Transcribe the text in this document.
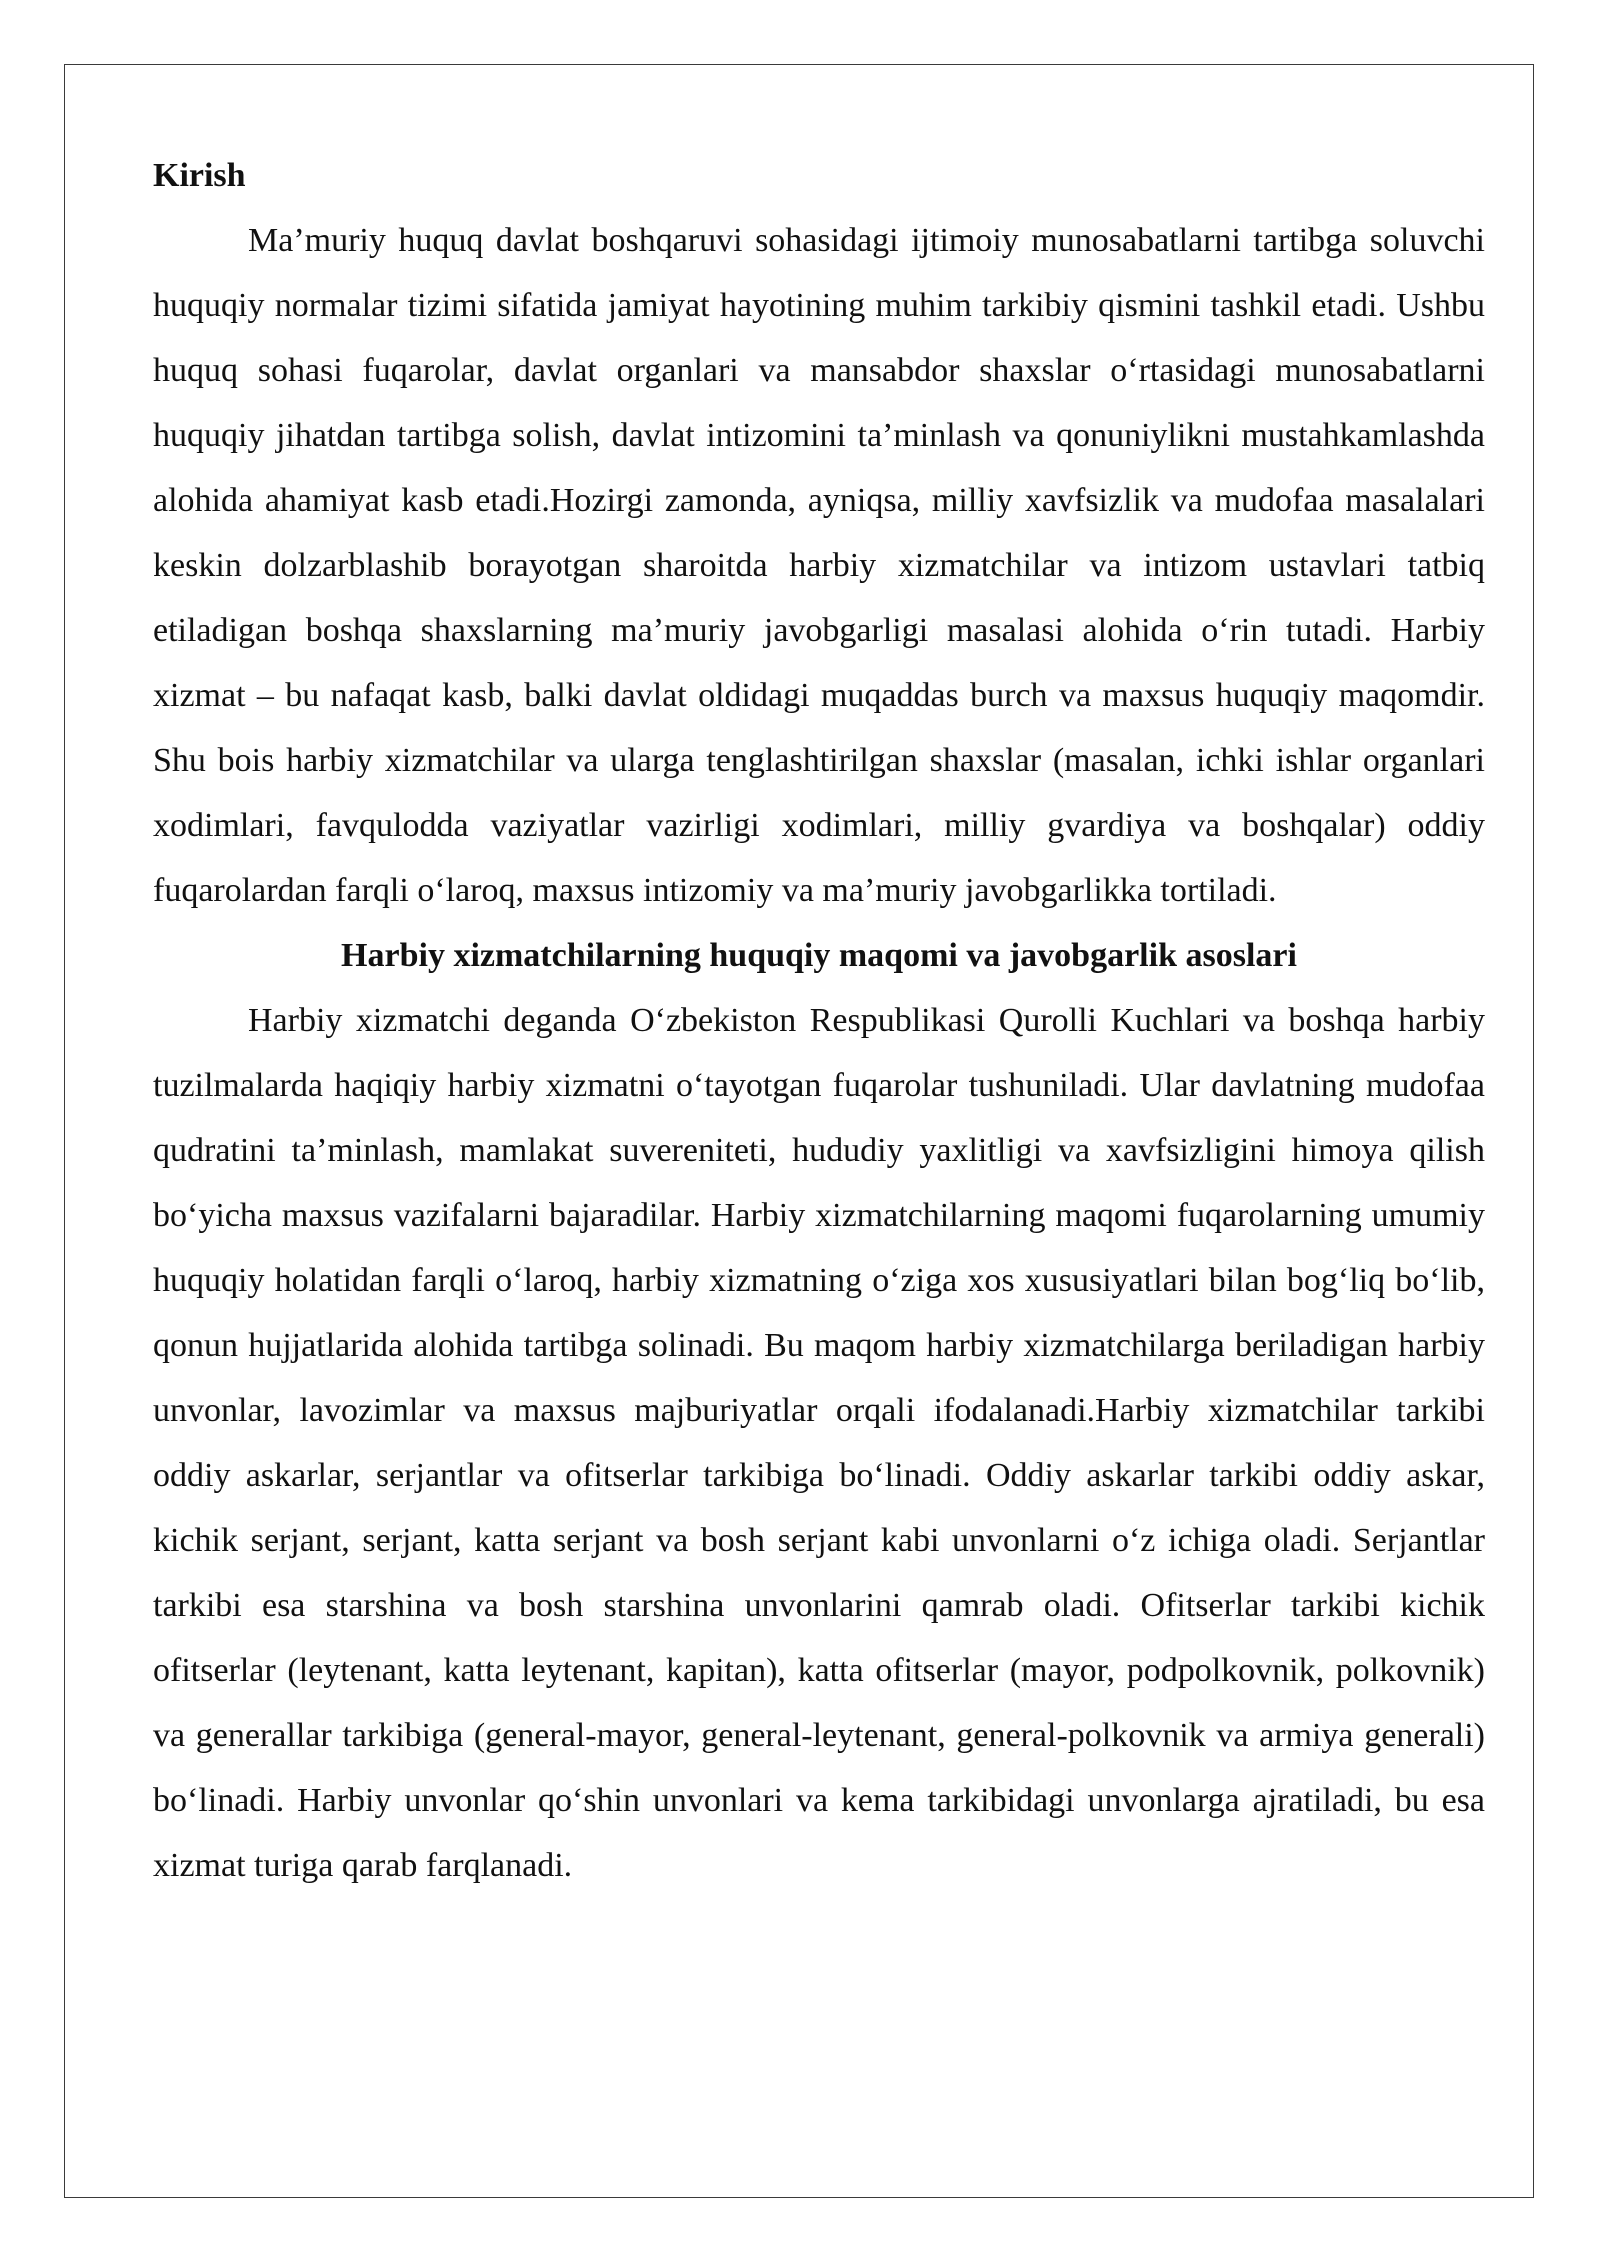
Kirish

Ma’muriy huquq davlat boshqaruvi sohasidagi ijtimoiy munosabatlarni tartibga soluvchi huquqiy normalar tizimi sifatida jamiyat hayotining muhim tarkibiy qismini tashkil etadi. Ushbu huquq sohasi fuqarolar, davlat organlari va mansabdor shaxslar oʻrtasidagi munosabatlarni huquqiy jihatdan tartibga solish, davlat intizomini ta’minlash va qonuniylikni mustahkamlashda alohida ahamiyat kasb etadi.Hozirgi zamonda, ayniqsa, milliy xavfsizlik va mudofaa masalalari keskin dolzarblashib borayotgan sharoitda harbiy xizmatchilar va intizom ustavlari tatbiq etiladigan boshqa shaxslarning ma’muriy javobgarligi masalasi alohida oʻrin tutadi. Harbiy xizmat – bu nafaqat kasb, balki davlat oldidagi muqaddas burch va maxsus huquqiy maqomdir. Shu bois harbiy xizmatchilar va ularga tenglashtirilgan shaxslar (masalan, ichki ishlar organlari xodimlari, favqulodda vaziyatlar vazirligi xodimlari, milliy gvardiya va boshqalar) oddiy fuqarolardan farqli oʻlaroq, maxsus intizomiy va ma’muriy javobgarlikka tortiladi.

Harbiy xizmatchilarning huquqiy maqomi va javobgarlik asoslari

Harbiy xizmatchi deganda Oʻzbekiston Respublikasi Qurolli Kuchlari va boshqa harbiy tuzilmalarda haqiqiy harbiy xizmatni oʻtayotgan fuqarolar tushuniladi. Ular davlatning mudofaa qudratini ta’minlash, mamlakat suvereniteti, hududiy yaxlitligi va xavfsizligini himoya qilish boʻyicha maxsus vazifalarni bajaradilar. Harbiy xizmatchilarning maqomi fuqarolarning umumiy huquqiy holatidan farqli oʻlaroq, harbiy xizmatning oʻziga xos xususiyatlari bilan bogʻliq boʻlib, qonun hujjatlarida alohida tartibga solinadi. Bu maqom harbiy xizmatchilarga beriladigan harbiy unvonlar, lavozimlar va maxsus majburiyatlar orqali ifodalanadi.Harbiy xizmatchilar tarkibi oddiy askarlar, serjantlar va ofitserlar tarkibiga boʻlinadi. Oddiy askarlar tarkibi oddiy askar, kichik serjant, serjant, katta serjant va bosh serjant kabi unvonlarni oʻz ichiga oladi. Serjantlar tarkibi esa starshina va bosh starshina unvonlarini qamrab oladi. Ofitserlar tarkibi kichik ofitserlar (leytenant, katta leytenant, kapitan), katta ofitserlar (mayor, podpolkovnik, polkovnik) va generallar tarkibiga (general-mayor, general-leytenant, general-polkovnik va armiya generali) boʻlinadi. Harbiy unvonlar qoʻshin unvonlari va kema tarkibidagi unvonlarga ajratiladi, bu esa xizmat turiga qarab farqlanadi.
